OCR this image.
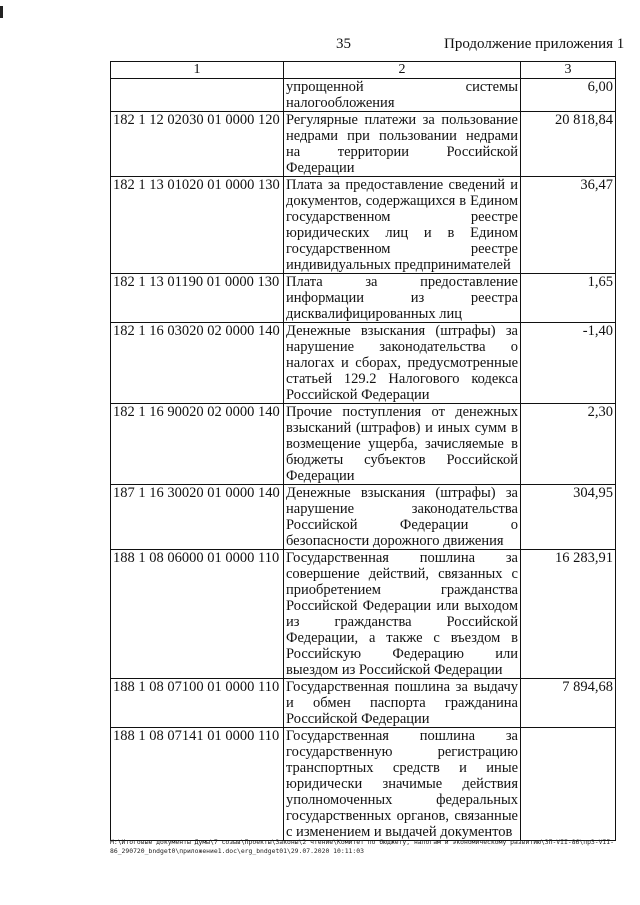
35	Продолжение приложения 1
1	2	3
	упрощенной системы налогообложения	6,00
182 1 12 02030 01 0000 120	Регулярные платежи за пользование недрами при пользовании недрами на территории Российской Федерации	20 818,84
182 1 13 01020 01 0000 130	Плата за предоставление сведений и документов, содержащихся в Едином государственном реестре юридических лиц и в Едином государственном реестре индивидуальных предпринимателей	36,47
182 1 13 01190 01 0000 130	Плата за предоставление информации из реестра дисквалифицированных лиц	1,65
182 1 16 03020 02 0000 140	Денежные взыскания (штрафы) за нарушение законодательства о налогах и сборах, предусмотренные статьей 129.2 Налогового кодекса Российской Федерации	-1,40
182 1 16 90020 02 0000 140	Прочие поступления от денежных взысканий (штрафов) и иных сумм в возмещение ущерба, зачисляемые в бюджеты субъектов Российской Федерации	2,30
187 1 16 30020 01 0000 140	Денежные взыскания (штрафы) за нарушение законодательства Российской Федерации о безопасности дорожного движения	304,95
188 1 08 06000 01 0000 110	Государственная пошлина за совершение действий, связанных с приобретением гражданства Российской Федерации или выходом из гражданства Российской Федерации, а также с въездом в Российскую Федерацию или выездом из Российской Федерации	16 283,91
188 1 08 07100 01 0000 110	Государственная пошлина за выдачу и обмен паспорта гражданина Российской Федерации	7 894,68
188 1 08 07141 01 0000 110	Государственная пошлина за государственную регистрацию транспортных средств и иные юридически значимые действия уполномоченных федеральных государственных органов, связанные с изменением и выдачей документов	
М:\Итоговые документы Думы\7 созыв\Проекты\Законы\2 чтение\Комитет по бюджету, налогам и экономическому развитию\ЗП-VII-86\пр3-VII-86_290720_bndget0\приложение1.doc\erg_bndget01\29.07.2020 10:11:03
